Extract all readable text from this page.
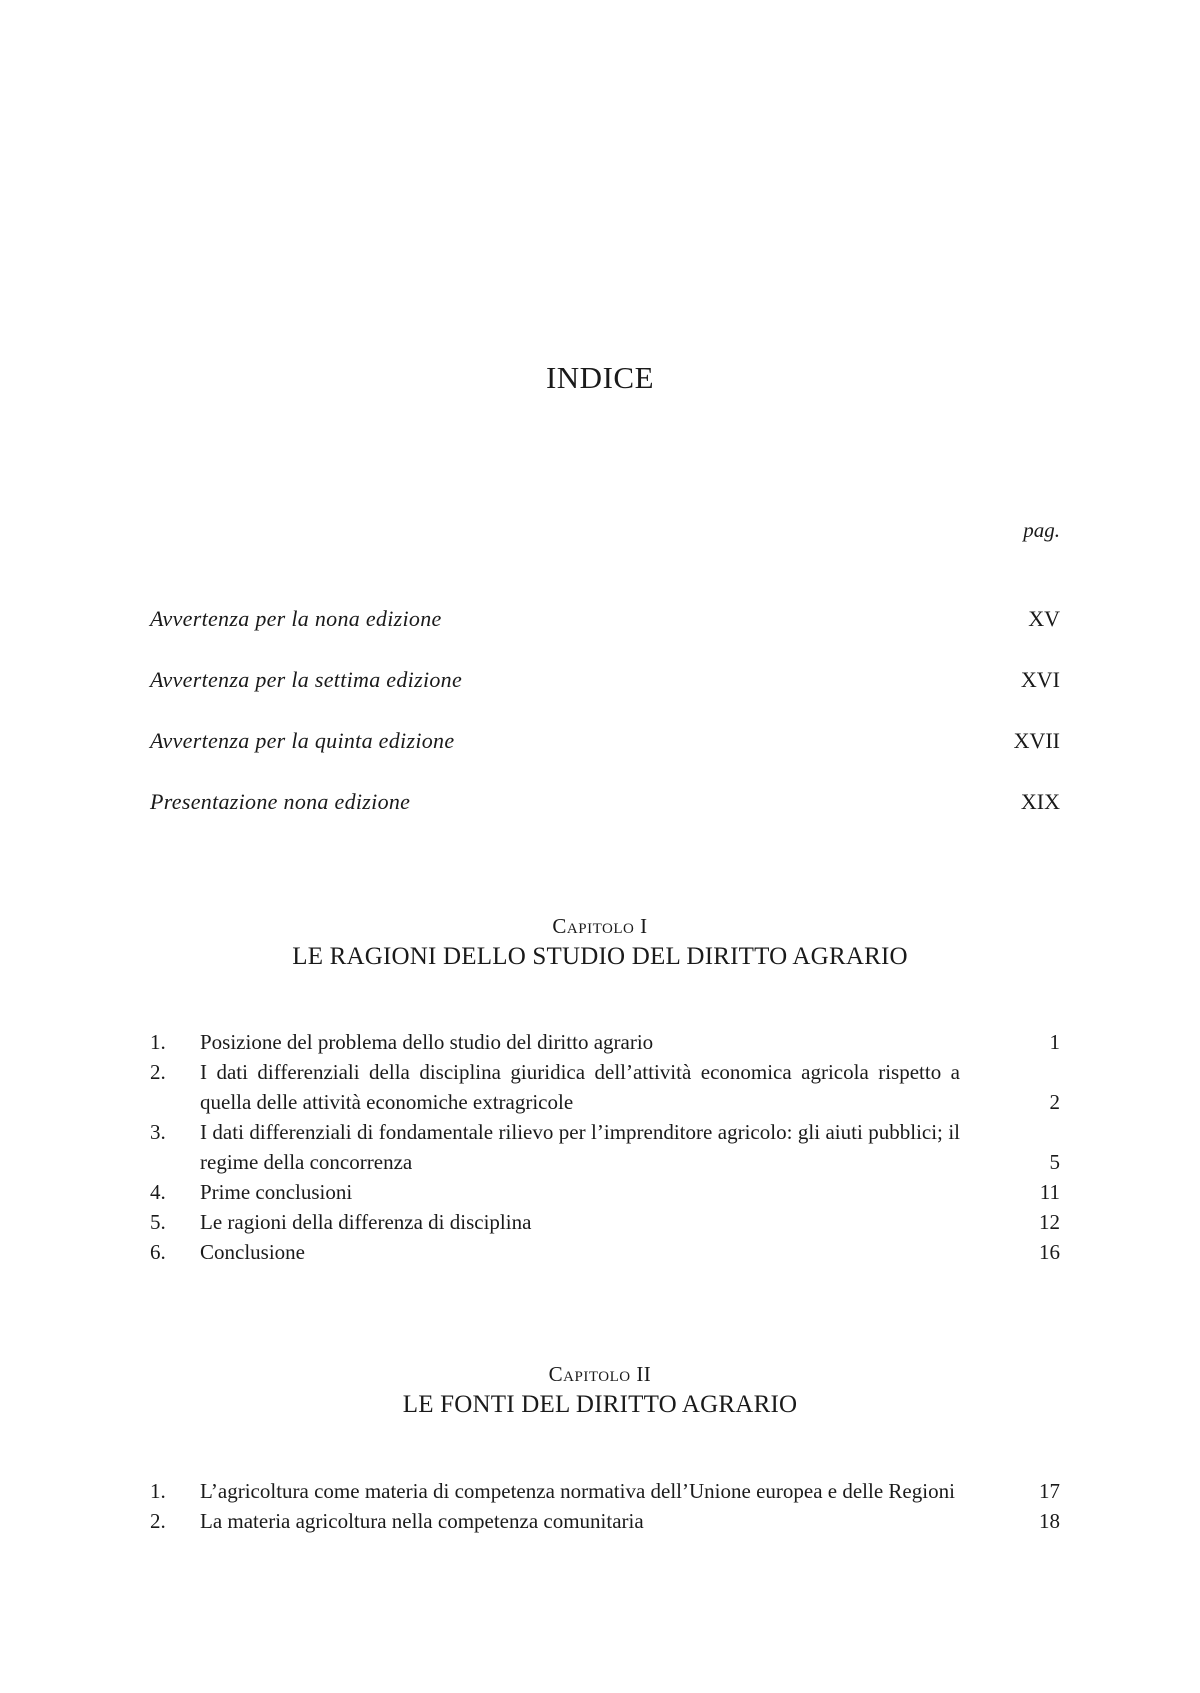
INDICE
pag.
Avvertenza per la nona edizione	XV
Avvertenza per la settima edizione	XVI
Avvertenza per la quinta edizione	XVII
Presentazione nona edizione	XIX
Capitolo I
LE RAGIONI DELLO STUDIO DEL DIRITTO AGRARIO
1.	Posizione del problema dello studio del diritto agrario	1
2.	I dati differenziali della disciplina giuridica dell’attività economica agricola rispetto a quella delle attività economiche extragricole	2
3.	I dati differenziali di fondamentale rilievo per l’imprenditore agricolo: gli aiuti pubblici; il regime della concorrenza	5
4.	Prime conclusioni	11
5.	Le ragioni della differenza di disciplina	12
6.	Conclusione	16
Capitolo II
LE FONTI DEL DIRITTO AGRARIO
1.	L’agricoltura come materia di competenza normativa dell’Unione europea e delle Regioni	17
2.	La materia agricoltura nella competenza comunitaria	18
